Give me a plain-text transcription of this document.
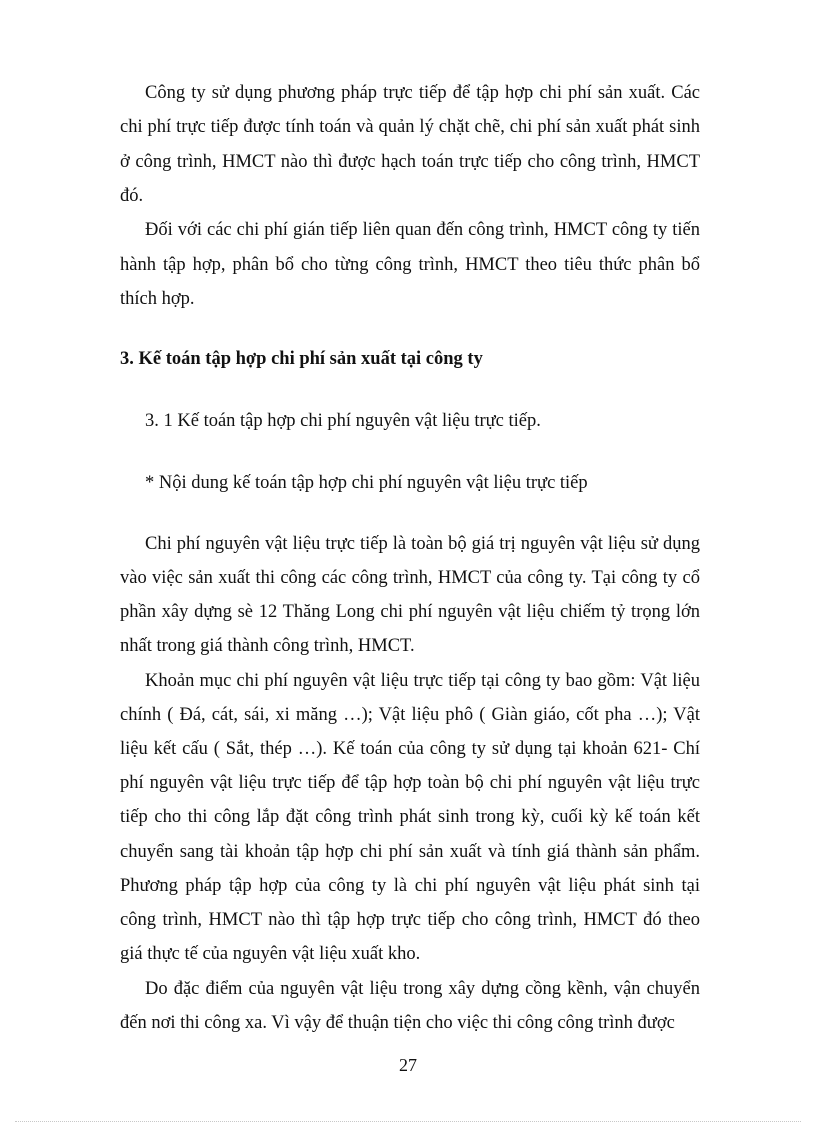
Công ty sử dụng phương pháp trực tiếp để tập hợp chi phí sản xuất. Các
chi phí trực tiếp được tính toán và quản lý chặt chẽ, chi phí sản xuất phát sinh
ở công trình, HMCT nào thì được hạch toán trực tiếp cho công trình, HMCT
đó.
Đối với các chi phí gián tiếp liên quan đến công trình, HMCT công ty tiến
hành tập hợp, phân bổ cho từng công trình, HMCT theo tiêu thức phân bổ
thích hợp.
3. Kế toán tập hợp chi phí sản xuất tại công ty
3. 1 Kế toán tập hợp chi phí nguyên vật liệu trực tiếp.
* Nội dung kế toán tập hợp chi phí nguyên vật liệu trực tiếp
Chi phí nguyên vật liệu trực tiếp là toàn bộ giá trị nguyên vật liệu sử dụng
vào việc sản xuất thi công các công trình, HMCT của công ty. Tại công ty cổ
phần xây dựng sè 12 Thăng Long chi phí nguyên vật liệu chiếm tỷ trọng lớn
nhất trong giá thành công trình, HMCT.
Khoản mục chi phí nguyên vật liệu trực tiếp tại công ty bao gồm: Vật liệu
chính ( Đá, cát, sái, xi măng …); Vật liệu phô ( Giàn giáo, cốt pha …); Vật
liệu kết cấu ( Sắt, thép …). Kế toán của công ty sử dụng tại khoản 621- Chí
phí nguyên vật liệu trực tiếp để tập hợp toàn bộ chi phí nguyên vật liệu trực
tiếp cho thi công lắp đặt công trình phát sinh trong kỳ, cuối kỳ kế toán kết
chuyển sang tài khoản tập hợp chi phí sản xuất và tính giá thành sản phẩm.
Phương pháp tập hợp của công ty là chi phí nguyên vật liệu phát sinh tại
công trình, HMCT nào thì tập hợp trực tiếp cho công trình, HMCT đó theo
giá thực tế của nguyên vật liệu xuất kho.
Do đặc điểm của nguyên vật liệu trong xây dựng cồng kềnh, vận chuyển
đến nơi thi công xa. Vì vậy để thuận tiện cho việc thi công công trình được
27
